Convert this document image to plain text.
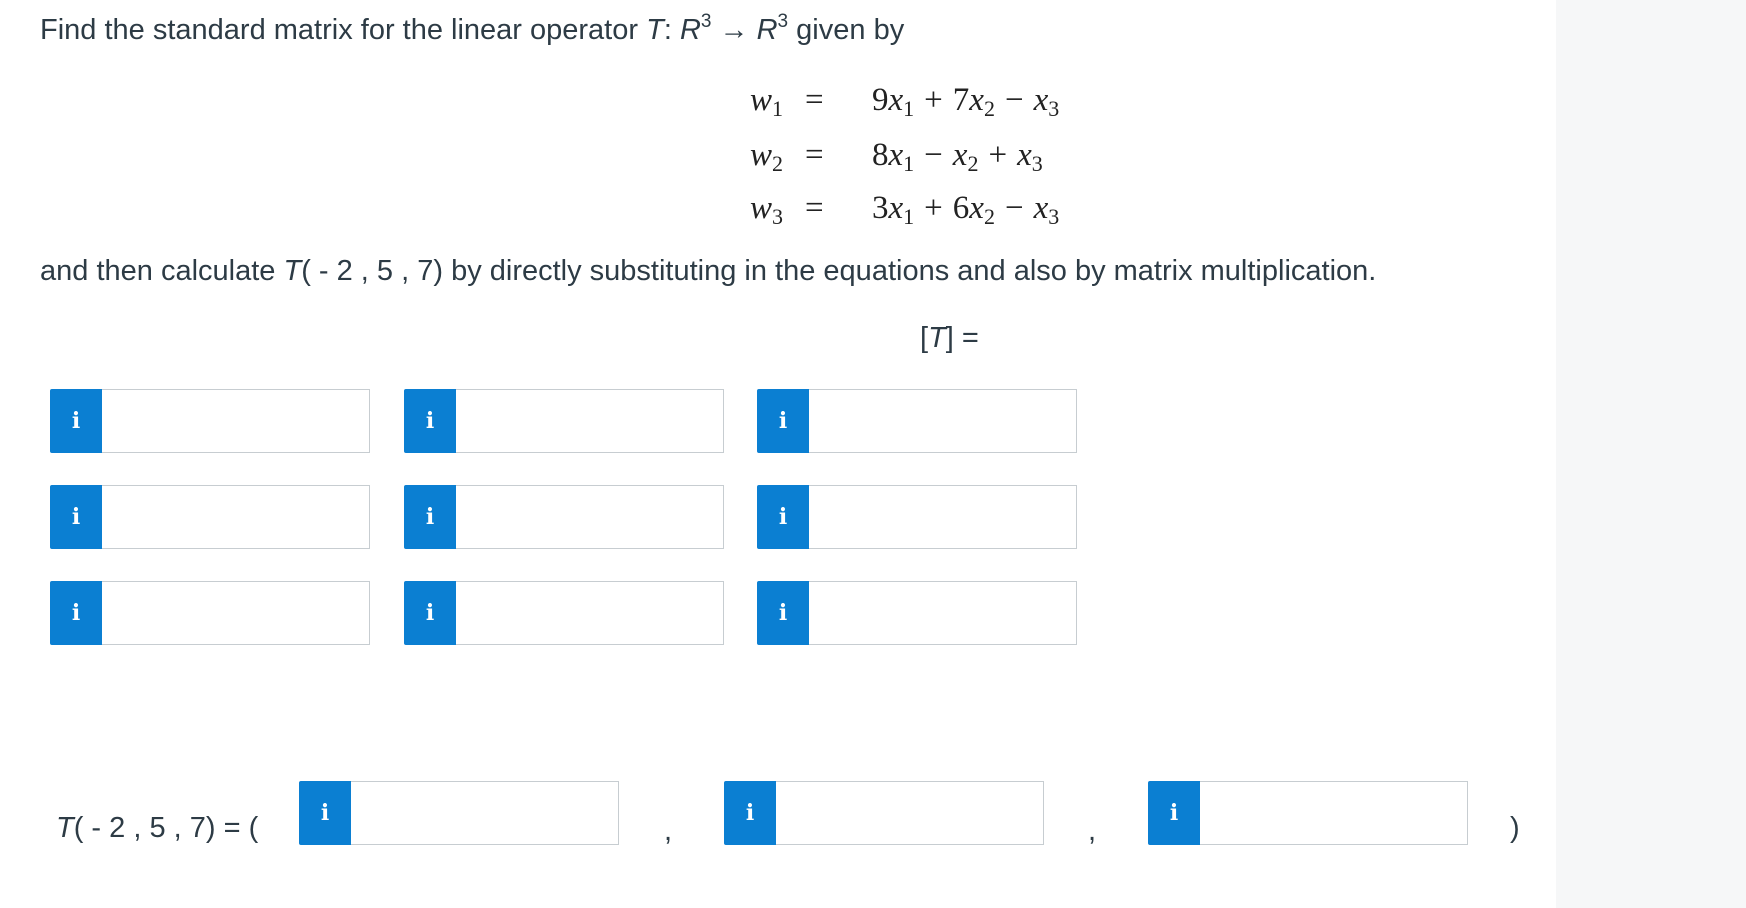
Find the standard matrix for the linear operator T: $R^3 \to R^3$ given by
$w_1 = 9x_1 + 7x_2 - x_3$
$w_2 = 8x_1 - x_2 + x_3$
$w_3 = 3x_1 + 6x_2 - x_3$
and then calculate T( - 2 , 5 , 7) by directly substituting in the equations and also by matrix multiplication.
[T] =
i	i	i
i	i	i
i	i	i
T( - 2 , 5 , 7) = (	i	i	i
,	,	)
